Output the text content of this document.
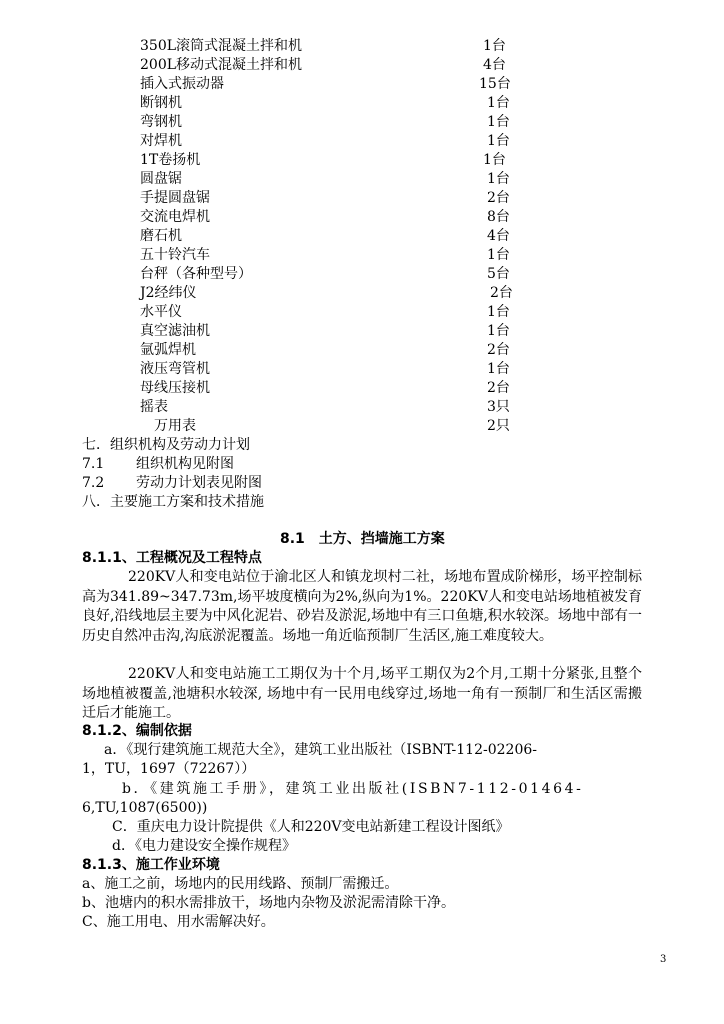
350L滚筒式混凝土拌和机	1台
200L移动式混凝土拌和机	4台
插入式振动器	15台
断钢机	1台
弯钢机	1台
对焊机	1台
1T卷扬机	1台
圆盘锯	1台
手提圆盘锯	2台
交流电焊机	8台
磨石机	4台
五十铃汽车	1台
台秤（各种型号）	5台
J2经纬仪	2台
水平仪	1台
真空滤油机	1台
氩弧焊机	2台
液压弯管机	1台
母线压接机	2台
摇表	3只
万用表	2只
七．组织机构及劳动力计划
7.1 组织机构见附图
7.2 劳动力计划表见附图
八．主要施工方案和技术措施
8.1　土方、挡墙施工方案
8.1.1、工程概况及工程特点
220KV人和变电站位于渝北区人和镇龙坝村二社，场地布置成阶梯形，场平控制标高为341.89~347.73m,场平坡度横向为2%,纵向为1%。220KV人和变电站场地植被发育良好,沿线地层主要为中风化泥岩、砂岩及淤泥,场地中有三口鱼塘,积水较深。场地中部有一历史自然冲击沟,沟底淤泥覆盖。场地一角近临预制厂生活区,施工难度较大。
220KV人和变电站施工工期仅为十个月,场平工期仅为2个月,工期十分紧张,且整个场地植被覆盖,池塘积水较深, 场地中有一民用电线穿过,场地一角有一预制厂和生活区需搬迁后才能施工。
8.1.2、编制依据
a．《现行建筑施工规范大全》，建筑工业出版社（ISBNT-112-02206-
1，TU，1697（72267））
b．《建筑施工手册》，建筑工业出版社(ISBN7-112-01464-
6,TU,1087(6500))
C．重庆电力设计院提供《人和220V变电站新建工程设计图纸》
d．《电力建设安全操作规程》
8.1.3、施工作业环境
a、施工之前，场地内的民用线路、预制厂需搬迁。
b、池塘内的积水需排放干，场地内杂物及淤泥需清除干净。
C、施工用电、用水需解决好。
3
